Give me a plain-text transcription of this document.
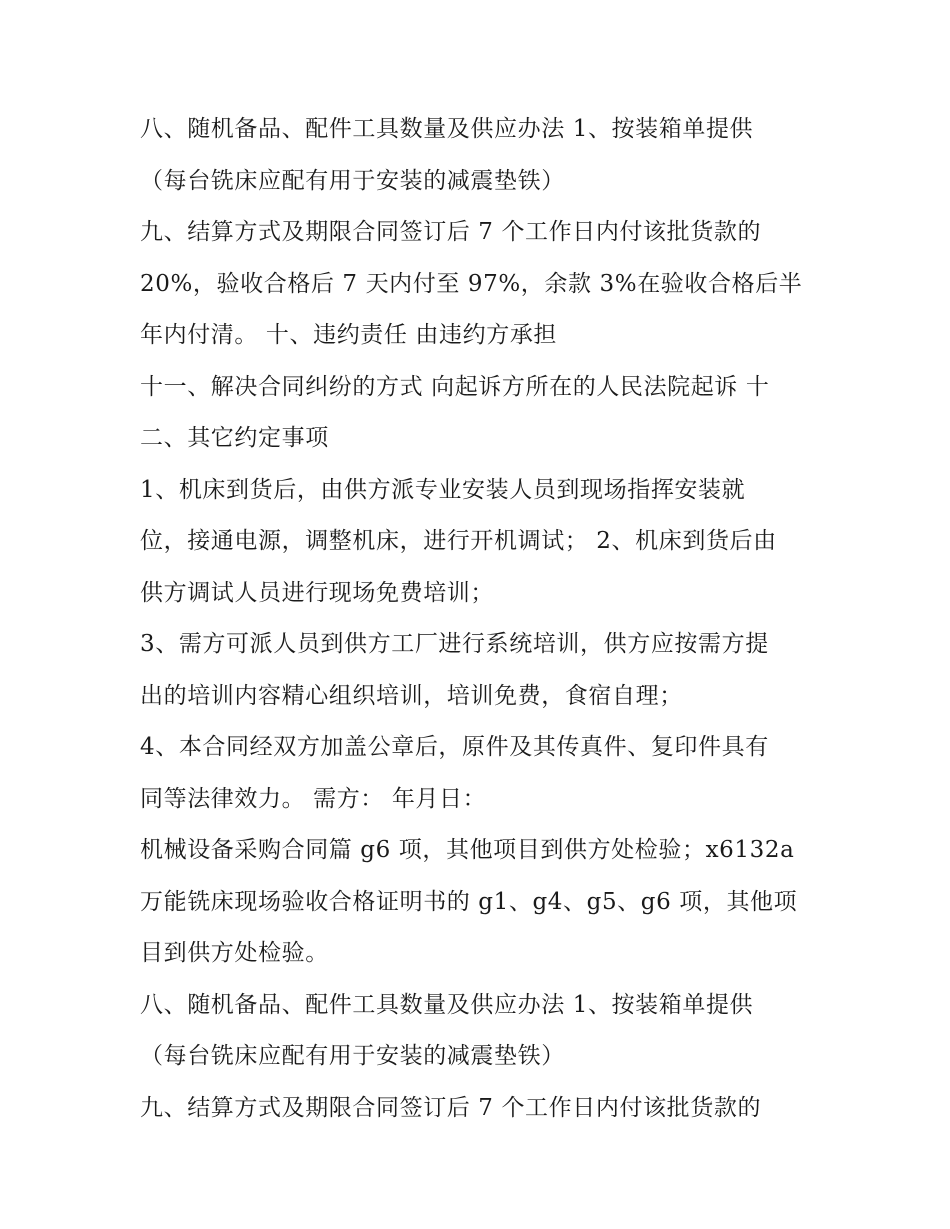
八、随机备品、配件工具数量及供应办法 1、按装箱单提供
（每台铣床应配有用于安装的减震垫铁）
九、结算方式及期限合同签订后 7 个工作日内付该批货款的
20%，验收合格后 7 天内付至 97%，余款 3%在验收合格后半
年内付清。 十、违约责任 由违约方承担
十一、解决合同纠纷的方式 向起诉方所在的人民法院起诉 十
二、其它约定事项
1、机床到货后，由供方派专业安装人员到现场指挥安装就
位，接通电源，调整机床，进行开机调试； 2、机床到货后由
供方调试人员进行现场免费培训；
3、需方可派人员到供方工厂进行系统培训，供方应按需方提
出的培训内容精心组织培训，培训免费，食宿自理；
4、本合同经双方加盖公章后，原件及其传真件、复印件具有
同等法律效力。 需方： 年月日：
机械设备采购合同篇 g6 项，其他项目到供方处检验；x6132a
万能铣床现场验收合格证明书的 g1、g4、g5、g6 项，其他项
目到供方处检验。
八、随机备品、配件工具数量及供应办法 1、按装箱单提供
（每台铣床应配有用于安装的减震垫铁）
九、结算方式及期限合同签订后 7 个工作日内付该批货款的
